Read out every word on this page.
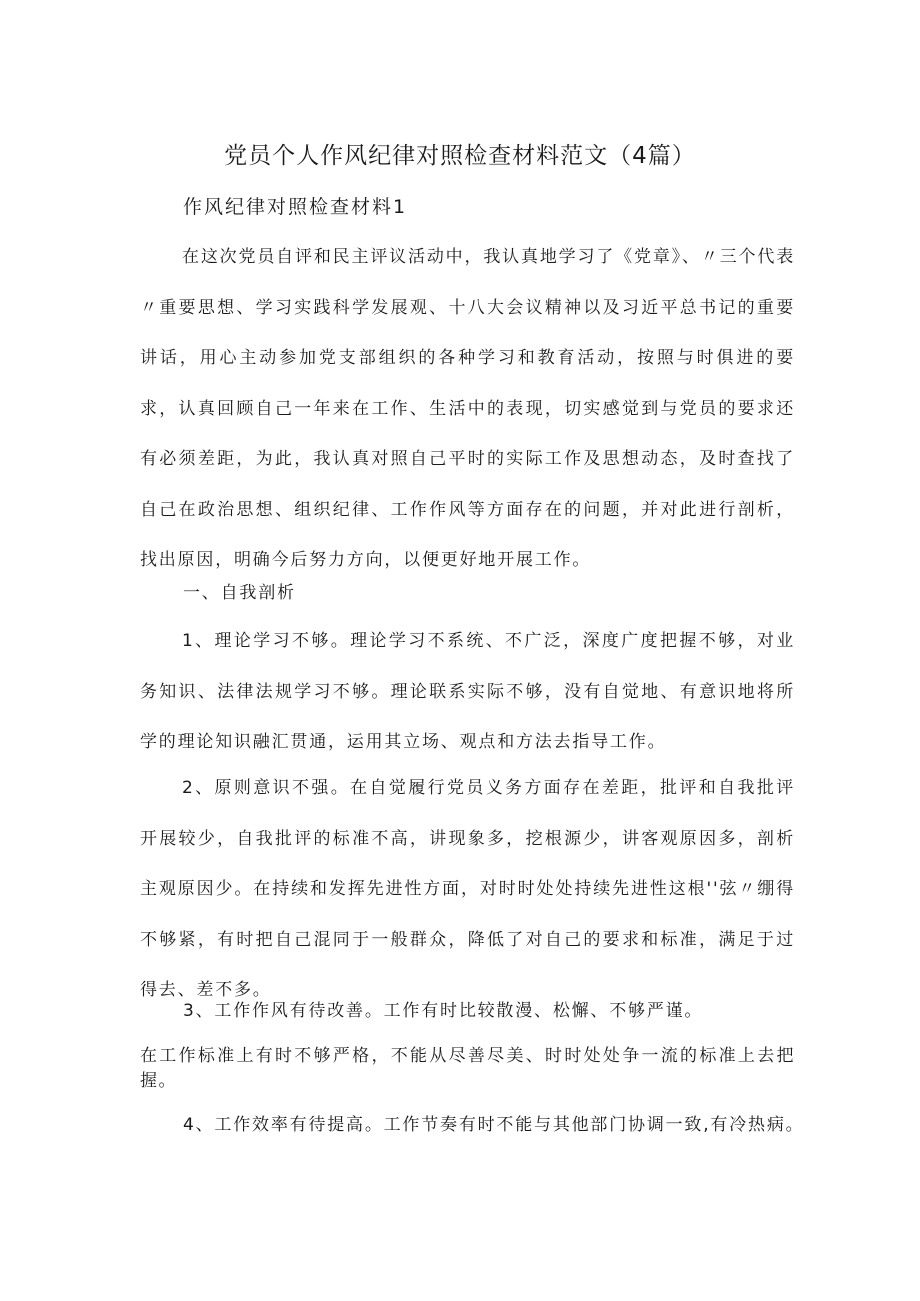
党员个人作风纪律对照检查材料范文（4篇）
作风纪律对照检查材料1
在这次党员自评和民主评议活动中，我认真地学习了《党章》、〃三个代表〃重要思想、学习实践科学发展观、十八大会议精神以及习近平总书记的重要讲话，用心主动参加党支部组织的各种学习和教育活动，按照与时俱进的要求，认真回顾自己一年来在工作、生活中的表现，切实感觉到与党员的要求还有必须差距，为此，我认真对照自己平时的实际工作及思想动态，及时查找了自己在政治思想、组织纪律、工作作风等方面存在的问题，并对此进行剖析，找出原因，明确今后努力方向，以便更好地开展工作。
一、自我剖析
1、理论学习不够。理论学习不系统、不广泛，深度广度把握不够，对业务知识、法律法规学习不够。理论联系实际不够，没有自觉地、有意识地将所学的理论知识融汇贯通，运用其立场、观点和方法去指导工作。
2、原则意识不强。在自觉履行党员义务方面存在差距，批评和自我批评开展较少，自我批评的标准不高，讲现象多，挖根源少，讲客观原因多，剖析主观原因少。在持续和发挥先进性方面，对时时处处持续先进性这根''弦〃绷得不够紧，有时把自己混同于一般群众，降低了对自己的要求和标准，满足于过得去、差不多。
3、工作作风有待改善。工作有时比较散漫、松懈、不够严谨。
在工作标准上有时不够严格，不能从尽善尽美、时时处处争一流的标准上去把握。
4、工作效率有待提高。工作节奏有时不能与其他部门协调一致,有冷热病。
